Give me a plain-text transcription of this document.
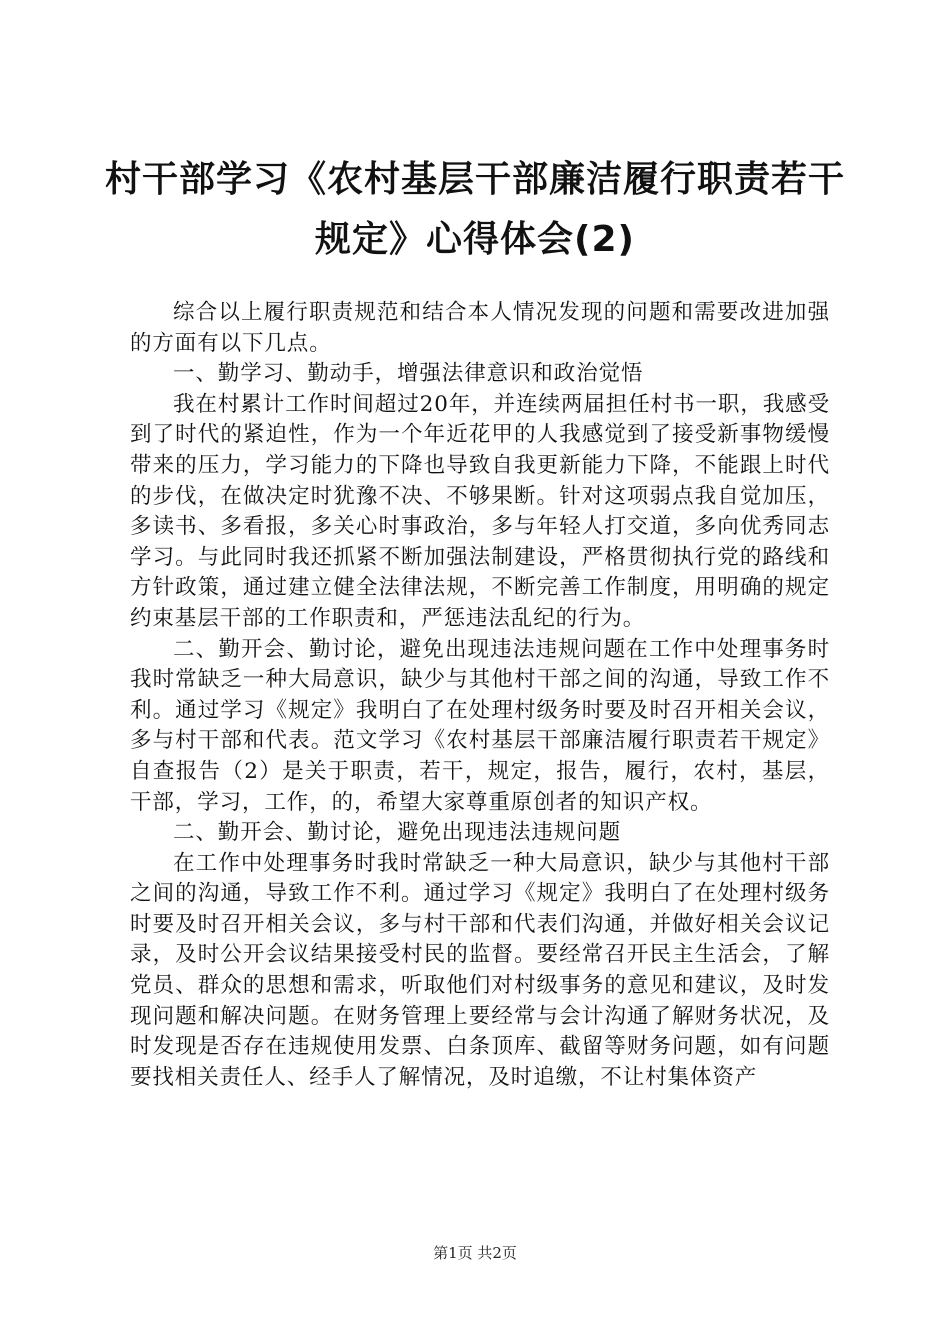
村干部学习《农村基层干部廉洁履行职责若干
规定》心得体会(2)

综合以上履行职责规范和结合本人情况发现的问题和需要改进加强的方面有以下几点。

一、勤学习、勤动手，增强法律意识和政治觉悟

我在村累计工作时间超过20年，并连续两届担任村书一职，我感受到了时代的紧迫性，作为一个年近花甲的人我感觉到了接受新事物缓慢带来的压力，学习能力的下降也导致自我更新能力下降，不能跟上时代的步伐，在做决定时犹豫不决、不够果断。针对这项弱点我自觉加压，多读书、多看报，多关心时事政治，多与年轻人打交道，多向优秀同志学习。与此同时我还抓紧不断加强法制建设，严格贯彻执行党的路线和方针政策，通过建立健全法律法规，不断完善工作制度，用明确的规定约束基层干部的工作职责和，严惩违法乱纪的行为。

二、勤开会、勤讨论，避免出现违法违规问题在工作中处理事务时我时常缺乏一种大局意识，缺少与其他村干部之间的沟通，导致工作不利。通过学习《规定》我明白了在处理村级务时要及时召开相关会议，多与村干部和代表。范文学习《农村基层干部廉洁履行职责若干规定》自查报告（2）是关于职责，若干，规定，报告，履行，农村，基层，干部，学习，工作，的，希望大家尊重原创者的知识产权。

二、勤开会、勤讨论，避免出现违法违规问题

在工作中处理事务时我时常缺乏一种大局意识，缺少与其他村干部之间的沟通，导致工作不利。通过学习《规定》我明白了在处理村级务时要及时召开相关会议，多与村干部和代表们沟通，并做好相关会议记录，及时公开会议结果接受村民的监督。要经常召开民主生活会，了解党员、群众的思想和需求，听取他们对村级事务的意见和建议，及时发现问题和解决问题。在财务管理上要经常与会计沟通了解财务状况，及时发现是否存在违规使用发票、白条顶库、截留等财务问题，如有问题要找相关责任人、经手人了解情况，及时追缴，不让村集体资产

第1页 共2页
